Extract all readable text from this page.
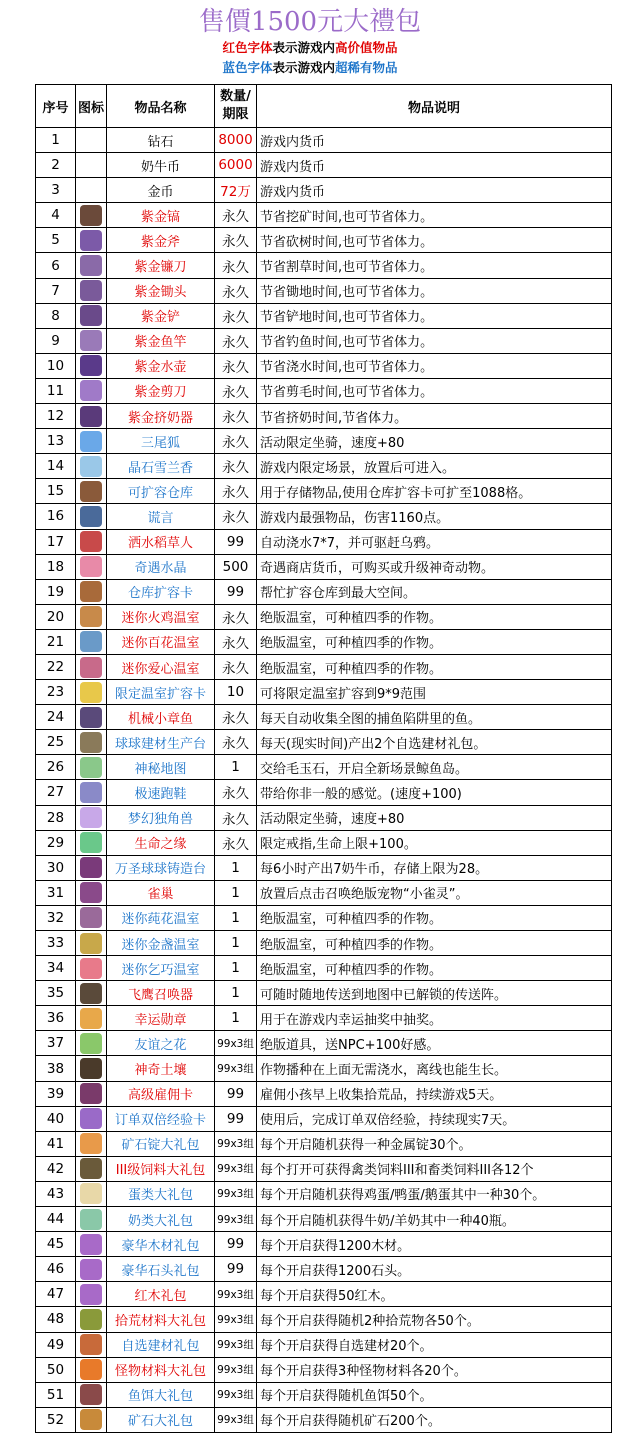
售價1500元大禮包
红色字体表示游戏内高价值物品
蓝色字体表示游戏内超稀有物品
序号	图标	物品名称	数量/期限	物品说明
1		钻石	8000	游戏内货币
2		奶牛币	6000	游戏内货币
3		金币	72万	游戏内货币
4		紫金镐	永久	节省挖矿时间,也可节省体力。
5		紫金斧	永久	节省砍树时间,也可节省体力。
6		紫金镰刀	永久	节省割草时间,也可节省体力。
7		紫金锄头	永久	节省锄地时间,也可节省体力。
8		紫金铲	永久	节省铲地时间,也可节省体力。
9		紫金鱼竿	永久	节省钓鱼时间,也可节省体力。
10		紫金水壶	永久	节省浇水时间,也可节省体力。
11		紫金剪刀	永久	节省剪毛时间,也可节省体力。
12		紫金挤奶器	永久	节省挤奶时间,节省体力。
13		三尾狐	永久	活动限定坐骑，速度+80
14		晶石雪兰香	永久	游戏内限定场景，放置后可进入。
15		可扩容仓库	永久	用于存储物品,使用仓库扩容卡可扩至1088格。
16		谎言	永久	游戏内最强物品，伤害1160点。
17		洒水稻草人	99	自动浇水7*7，并可驱赶乌鸦。
18		奇遇水晶	500	奇遇商店货币，可购买或升级神奇动物。
19		仓库扩容卡	99	帮忙扩容仓库到最大空间。
20		迷你火鸡温室	永久	绝版温室，可种植四季的作物。
21		迷你百花温室	永久	绝版温室，可种植四季的作物。
22		迷你爱心温室	永久	绝版温室，可种植四季的作物。
23		限定温室扩容卡	10	可将限定温室扩容到9*9范围
24		机械小章鱼	永久	每天自动收集全图的捕鱼陷阱里的鱼。
25		球球建材生产台	永久	每天(现实时间)产出2个自选建材礼包。
26		神秘地图	1	交给毛玉石，开启全新场景鲸鱼岛。
27		极速跑鞋	永久	带给你非一般的感觉。(速度+100)
28		梦幻独角兽	永久	活动限定坐骑，速度+80
29		生命之缘	永久	限定戒指,生命上限+100。
30		万圣球球铸造台	1	每6小时产出7奶牛币，存储上限为28。
31		雀巢	1	放置后点击召唤绝版宠物“小雀灵”。
32		迷你莼花温室	1	绝版温室，可种植四季的作物。
33		迷你金盏温室	1	绝版温室，可种植四季的作物。
34		迷你乞巧温室	1	绝版温室，可种植四季的作物。
35		飞鹰召唤器	1	可随时随地传送到地图中已解锁的传送阵。
36		幸运勋章	1	用于在游戏内幸运抽奖中抽奖。
37		友谊之花	99x3组	绝版道具，送NPC+100好感。
38		神奇土壤	99x3组	作物播种在上面无需浇水，离线也能生长。
39		高级雇佣卡	99	雇佣小孩早上收集拾荒品，持续游戏5天。
40		订单双倍经验卡	99	使用后，完成订单双倍经验，持续现实7天。
41		矿石锭大礼包	99x3组	每个开启随机获得一种金属锭30个。
42		III级饲料大礼包	99x3组	每个打开可获得禽类饲料III和畜类饲料III各12个
43		蛋类大礼包	99x3组	每个开启随机获得鸡蛋/鸭蛋/鹅蛋其中一种30个。
44		奶类大礼包	99x3组	每个开启随机获得牛奶/羊奶其中一种40瓶。
45		豪华木材礼包	99	每个开启获得1200木材。
46		豪华石头礼包	99	每个开启获得1200石头。
47		红木礼包	99x3组	每个开启获得50红木。
48		拾荒材料大礼包	99x3组	每个开启获得随机2种拾荒物各50个。
49		自选建材礼包	99x3组	每个开启获得自选建材20个。
50		怪物材料大礼包	99x3组	每个开启获得3种怪物材料各20个。
51		鱼饵大礼包	99x3组	每个开启获得随机鱼饵50个。
52		矿石大礼包	99x3组	每个开启获得随机矿石200个。
